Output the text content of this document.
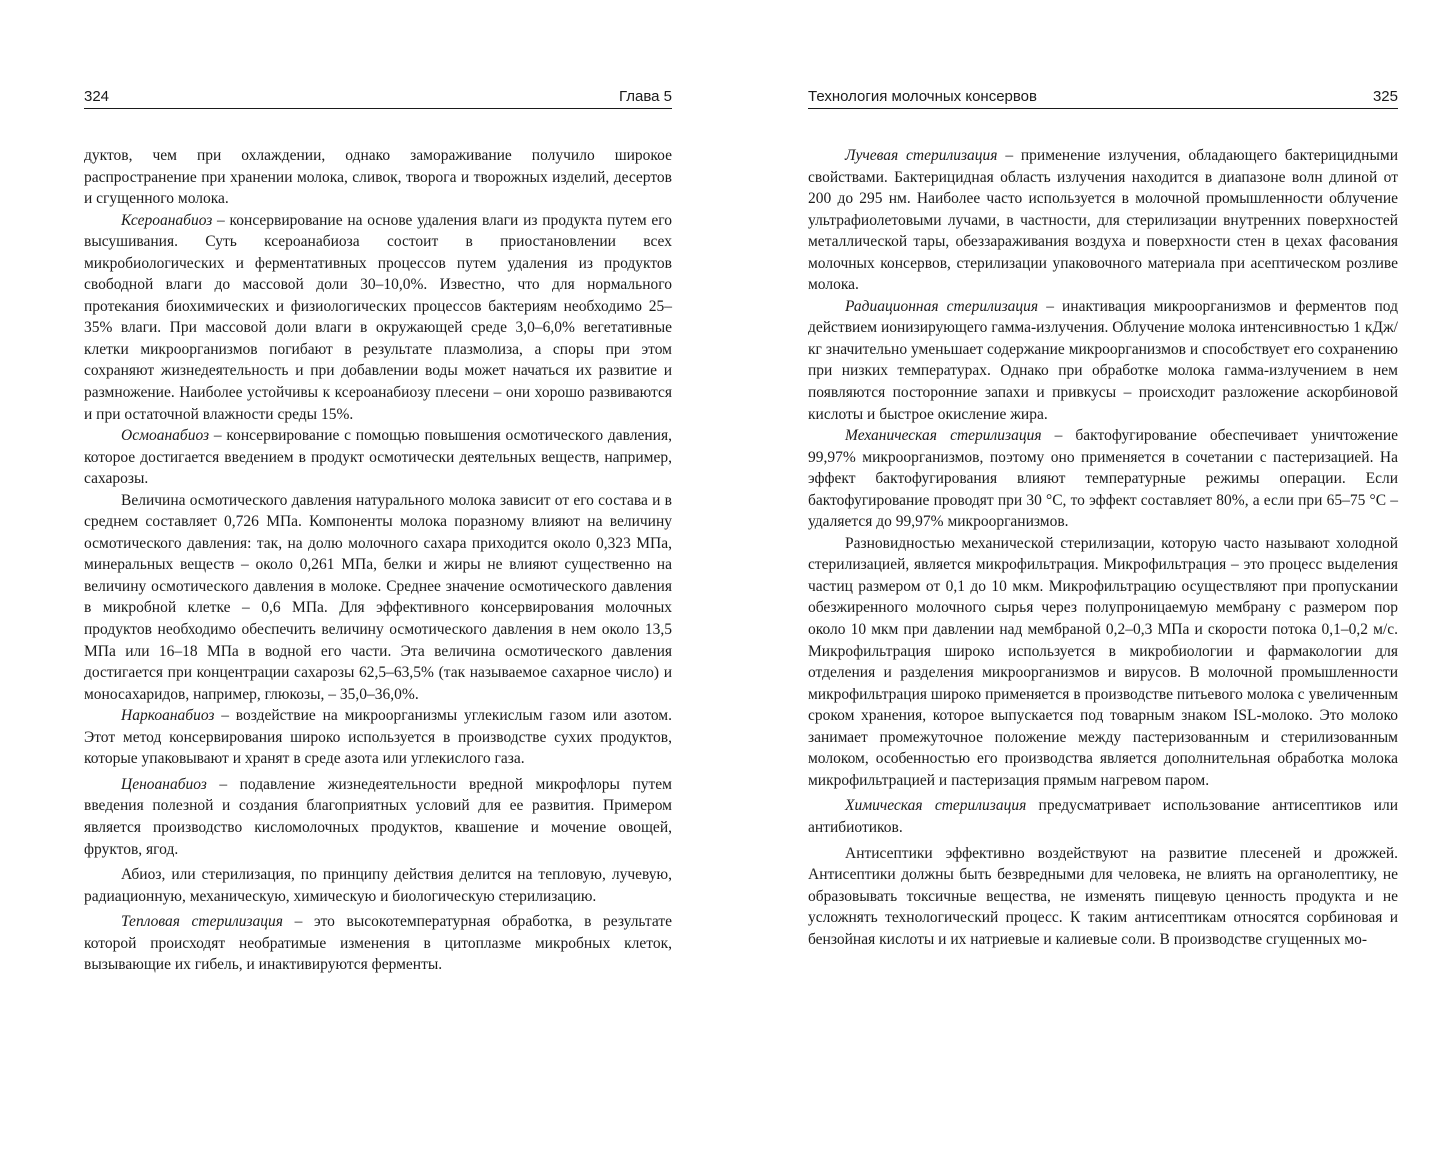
324	Глава 5

дуктов, чем при охлаждении, однако замораживание получило широкое распространение при хранении молока, сливок, творога и творожных изделий, десертов и сгущенного молока.

Ксероанабиоз – консервирование на основе удаления влаги из продукта путем его высушивания. Суть ксероанабиоза состоит в приостановлении всех микробиологических и ферментативных процессов путем удаления из продуктов свободной влаги до массовой доли 30–10,0%. Известно, что для нормального протекания биохимических и физиологических процессов бактериям необходимо 25–35% влаги. При массовой доли влаги в окружающей среде 3,0–6,0% вегетативные клетки микроорганизмов погибают в результате плазмолиза, а споры при этом сохраняют жизнедеятельность и при добавлении воды может начаться их развитие и размножение. Наиболее устойчивы к ксероанабиозу плесени – они хорошо развиваются и при остаточной влажности среды 15%.

Осмоанабиоз – консервирование с помощью повышения осмотического давления, которое достигается введением в продукт осмотически деятельных веществ, например, сахарозы.

Величина осмотического давления натурального молока зависит от его состава и в среднем составляет 0,726 МПа. Компоненты молока поразному влияют на величину осмотического давления: так, на долю молочного сахара приходится около 0,323 МПа, минеральных веществ – около 0,261 МПа, белки и жиры не влияют существенно на величину осмотического давления в молоке. Среднее значение осмотического давления в микробной клетке – 0,6 МПа. Для эффективного консервирования молочных продуктов необходимо обеспечить величину осмотического давления в нем около 13,5 МПа или 16–18 МПа в водной его части. Эта величина осмотического давления достигается при концентрации сахарозы 62,5–63,5% (так называемое сахарное число) и моносахаридов, например, глюкозы, – 35,0–36,0%.

Наркоанабиоз – воздействие на микроорганизмы углекислым газом или азотом. Этот метод консервирования широко используется в производстве сухих продуктов, которые упаковывают и хранят в среде азота или углекислого газа.

Ценоанабиоз – подавление жизнедеятельности вредной микрофлоры путем введения полезной и создания благоприятных условий для ее развития. Примером является производство кисломолочных продуктов, квашение и мочение овощей, фруктов, ягод.

Абиоз, или стерилизация, по принципу действия делится на тепловую, лучевую, радиационную, механическую, химическую и биологическую стерилизацию.

Тепловая стерилизация – это высокотемпературная обработка, в результате которой происходят необратимые изменения в цитоплазме микробных клеток, вызывающие их гибель, и инактивируются ферменты.

Технология молочных консервов	325

Лучевая стерилизация – применение излучения, обладающего бактерицидными свойствами. Бактерицидная область излучения находится в диапазоне волн длиной от 200 до 295 нм. Наиболее часто используется в молочной промышленности облучение ультрафиолетовыми лучами, в частности, для стерилизации внутренних поверхностей металлической тары, обеззараживания воздуха и поверхности стен в цехах фасования молочных консервов, стерилизации упаковочного материала при асептическом розливе молока.

Радиационная стерилизация – инактивация микроорганизмов и ферментов под действием ионизирующего гамма-излучения. Облучение молока интенсивностью 1 кДж/кг значительно уменьшает содержание микроорганизмов и способствует его сохранению при низких температурах. Однако при обработке молока гамма-излучением в нем появляются посторонние запахи и привкусы – происходит разложение аскорбиновой кислоты и быстрое окисление жира.

Механическая стерилизация – бактофугирование обеспечивает уничтожение 99,97% микроорганизмов, поэтому оно применяется в сочетании с пастеризацией. На эффект бактофугирования влияют температурные режимы операции. Если бактофугирование проводят при 30 °C, то эффект составляет 80%, а если при 65–75 °C – удаляется до 99,97% микроорганизмов.

Разновидностью механической стерилизации, которую часто называют холодной стерилизацией, является микрофильтрация. Микрофильтрация – это процесс выделения частиц размером от 0,1 до 10 мкм. Микрофильтрацию осуществляют при пропускании обезжиренного молочного сырья через полупроницаемую мембрану с размером пор около 10 мкм при давлении над мембраной 0,2–0,3 МПа и скорости потока 0,1–0,2 м/с. Микрофильтрация широко используется в микробиологии и фармакологии для отделения и разделения микроорганизмов и вирусов. В молочной промышленности микрофильтрация широко применяется в производстве питьевого молока с увеличенным сроком хранения, которое выпускается под товарным знаком ISL-молоко. Это молоко занимает промежуточное положение между пастеризованным и стерилизованным молоком, особенностью его производства является дополнительная обработка молока микрофильтрацией и пастеризация прямым нагревом паром.

Химическая стерилизация предусматривает использование антисептиков или антибиотиков.

Антисептики эффективно воздействуют на развитие плесеней и дрожжей. Антисептики должны быть безвредными для человека, не влиять на органолептику, не образовывать токсичные вещества, не изменять пищевую ценность продукта и не усложнять технологический процесс. К таким антисептикам относятся сорбиновая и бензойная кислоты и их натриевые и калиевые соли. В производстве сгущенных мо-
